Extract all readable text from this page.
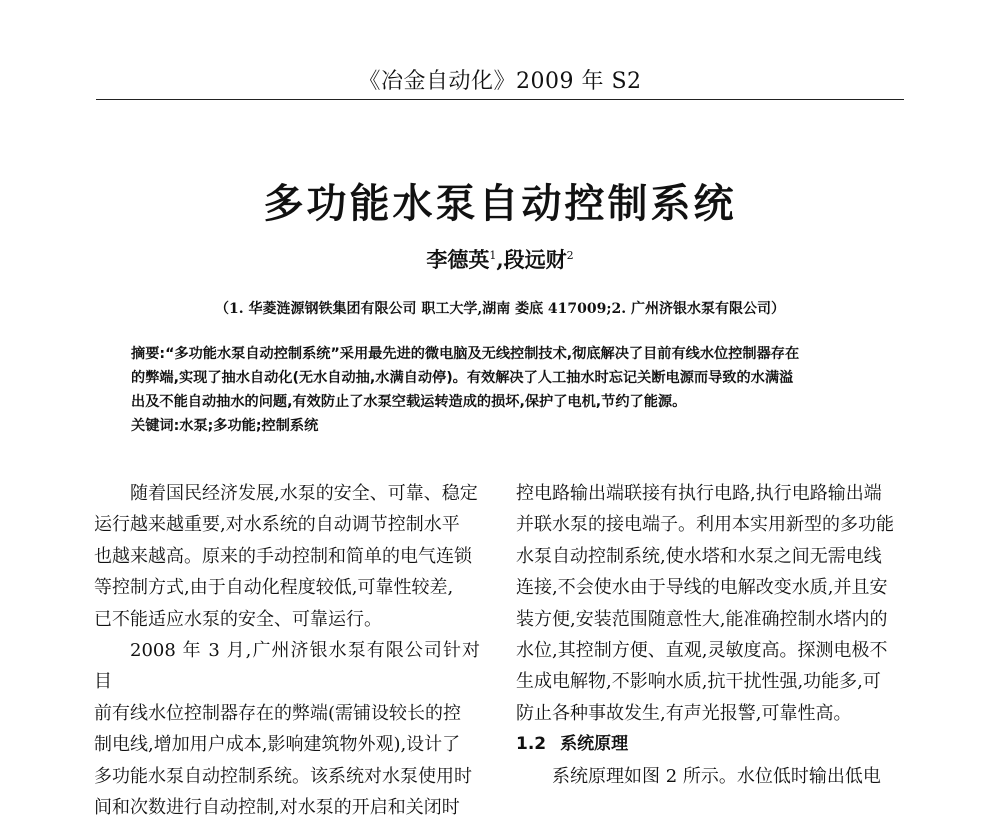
《冶金自动化》2009 年 S2
多功能水泵自动控制系统
李德英$^1$,段远财$^2$
（1. 华菱涟源钢铁集团有限公司 职工大学,湖南 娄底 417009;2. 广州济银水泵有限公司）

摘要:“多功能水泵自动控制系统”采用最先进的微电脑及无线控制技术,彻底解决了目前有线水位控制器存在

的弊端,实现了抽水自动化(无水自动抽,水满自动停)。有效解决了人工抽水时忘记关断电源而导致的水满溢

出及不能自动抽水的问题,有效防止了水泵空载运转造成的损坏,保护了电机,节约了能源。

关键词:水泵;多功能;控制系统

随着国民经济发展,水泵的安全、可靠、稳定

运行越来越重要,对水系统的自动调节控制水平

也越来越高。原来的手动控制和简单的电气连锁

等控制方式,由于自动化程度较低,可靠性较差,

已不能适应水泵的安全、可靠运行。

2008 年 3 月,广州济银水泵有限公司针对目

前有线水位控制器存在的弊端(需铺设较长的控

制电线,增加用户成本,影响建筑物外观),设计了

多功能水泵自动控制系统。该系统对水泵使用时

间和次数进行自动控制,对水泵的开启和关闭时

控电路输出端联接有执行电路,执行电路输出端

并联水泵的接电端子。利用本实用新型的多功能

水泵自动控制系统,使水塔和水泵之间无需电线

连接,不会使水由于导线的电解改变水质,并且安

装方便,安装范围随意性大,能准确控制水塔内的

水位,其控制方便、直观,灵敏度高。探测电极不

生成电解物,不影响水质,抗干扰性强,功能多,可

防止各种事故发生,有声光报警,可靠性高。

1.2 系统原理

系统原理如图 2 所示。水位低时输出低电
